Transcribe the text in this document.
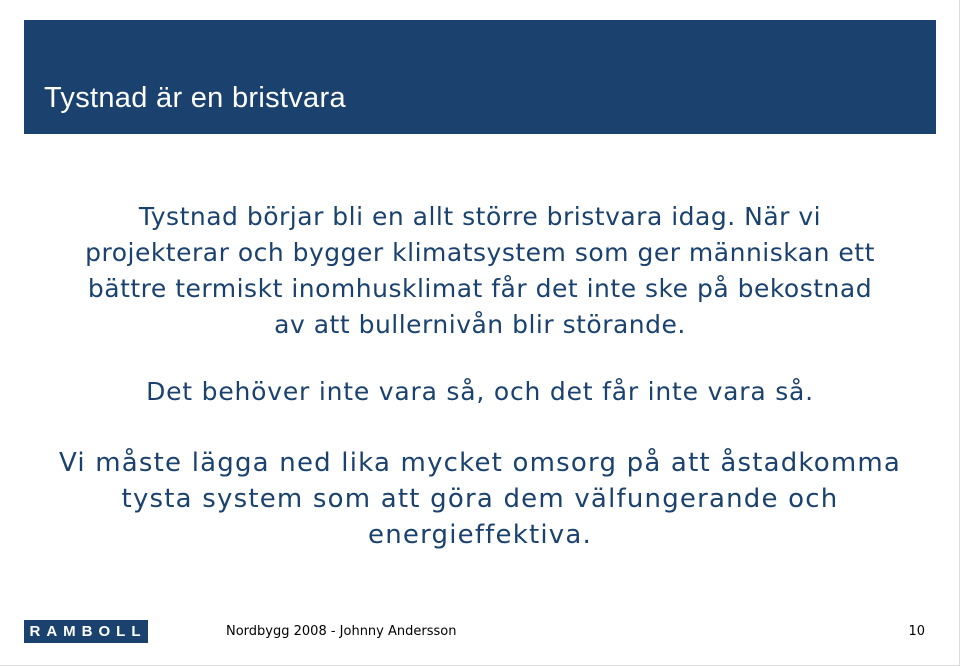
Tystnad är en bristvara
Tystnad börjar bli en allt större bristvara idag. När vi
projekterar och bygger klimatsystem som ger människan ett
bättre termiskt inomhusklimat får det inte ske på bekostnad
av att bullernivån blir störande.
Det behöver inte vara så, och det får inte vara så.
Vi måste lägga ned lika mycket omsorg på att åstadkomma
tysta system som att göra dem välfungerande och
energieffektiva.
RAMBOLL	Nordbygg 2008 - Johnny Andersson	10
